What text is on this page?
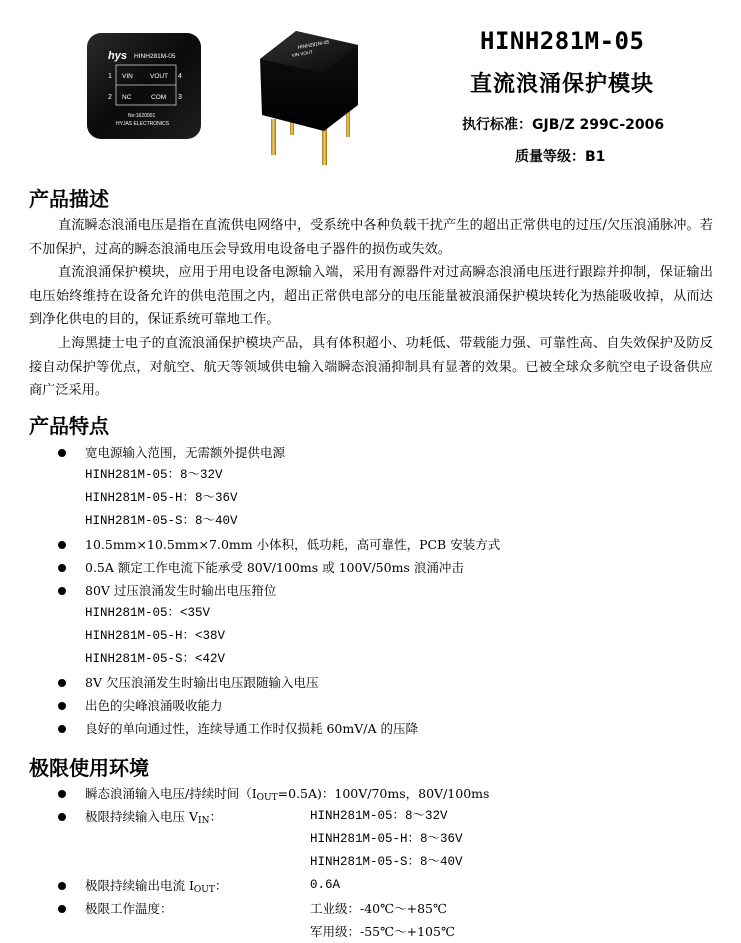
hys HINH281M-05
1
2
4
3
VIN	VOUT
NC	COM
No:1620001
HYJAS ELECTRONICS
HINH281M-05
VIN VOUT	HINH281M-05
直流浪涌保护模块
执行标准：GJB/Z 299C-2006
质量等级：B1
产品描述
直流瞬态浪涌电压是指在直流供电网络中，受系统中各种负载干扰产生的超出正常供电的过压/欠压浪涌脉冲。若不加保护，过高的瞬态浪涌电压会导致用电设备电子器件的损伤或失效。
直流浪涌保护模块，应用于用电设备电源输入端，采用有源器件对过高瞬态浪涌电压进行跟踪并抑制，保证输出电压始终维持在设备允许的供电范围之内，超出正常供电部分的电压能量被浪涌保护模块转化为热能吸收掉，从而达到净化供电的目的，保证系统可靠地工作。
上海黑捷士电子的直流浪涌保护模块产品，具有体积超小、功耗低、带载能力强、可靠性高、自失效保护及防反接自动保护等优点，对航空、航天等领域供电输入端瞬态浪涌抑制具有显著的效果。已被全球众多航空电子设备供应商广泛采用。
产品特点
宽电源输入范围，无需额外提供电源
HINH281M-05：8～32V
HINH281M-05-H：8～36V
HINH281M-05-S：8～40V
10.5mm×10.5mm×7.0mm 小体积，低功耗，高可靠性，PCB 安装方式
0.5A 额定工作电流下能承受 80V/100ms 或 100V/50ms 浪涌冲击
80V 过压浪涌发生时输出电压箝位
HINH281M-05：<35V
HINH281M-05-H：<38V
HINH281M-05-S：<42V
8V 欠压浪涌发生时输出电压跟随输入电压
出色的尖峰浪涌吸收能力
良好的单向通过性，连续导通工作时仅损耗 60mV/A 的压降
极限使用环境
瞬态浪涌输入电压/持续时间$(I_{OUT}=0.5A)$：100V/70ms，80V/100ms
极限持续输入电压 $V_{IN}$：	HINH281M-05：8～32V
HINH281M-05-H：8～36V
HINH281M-05-S：8～40V
极限持续输出电流 $I_{OUT}$：	0.6A
极限工作温度：	工业级：-40℃～+85℃
军用级：-55℃～+105℃
